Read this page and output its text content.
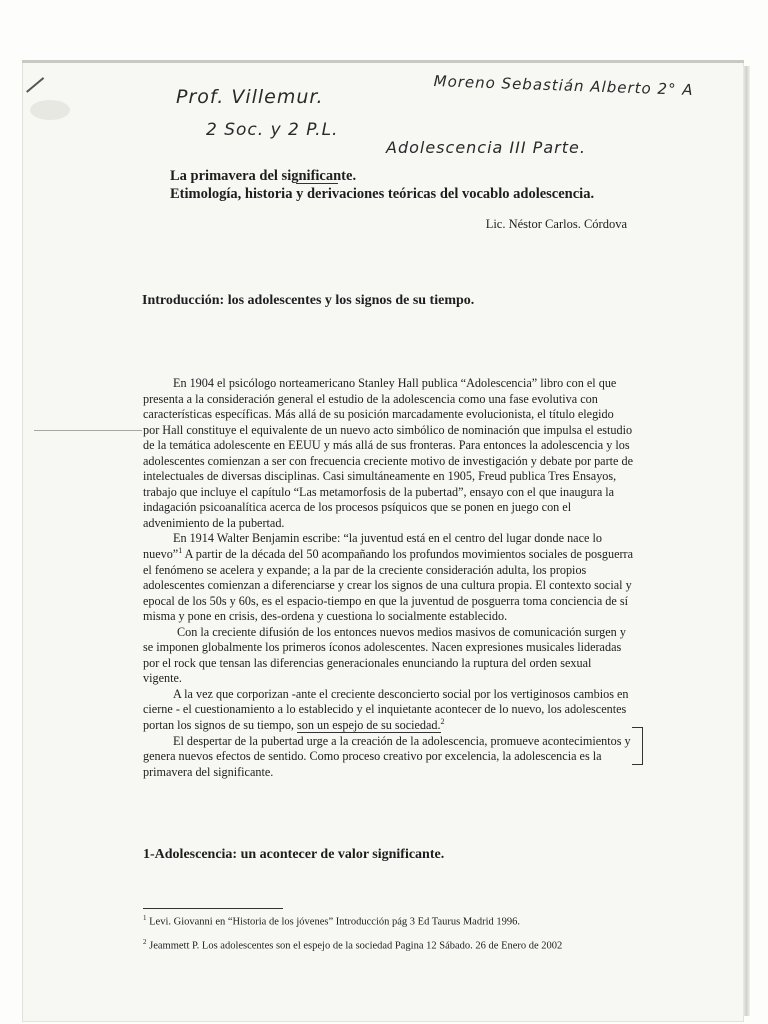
Prof. Villemur.	Moreno Sebastián Alberto 2° A
2 Soc. y 2 P.L.
Adolescencia III Parte.
La primavera del significante.
Etimología, historia y derivaciones teóricas del vocablo adolescencia.
Lic. Néstor Carlos. Córdova
Introducción: los adolescentes y los signos de su tiempo.

En 1904 el psicólogo norteamericano Stanley Hall publica “Adolescencia” libro con el que presenta a la consideración general el estudio de la adolescencia como una fase evolutiva con características específicas. Más allá de su posición marcadamente evolucionista, el título elegido por Hall constituye el equivalente de un nuevo acto simbólico de nominación que impulsa el estudio de la temática adolescente en EEUU y más allá de sus fronteras. Para entonces la adolescencia y los adolescentes comienzan a ser con frecuencia creciente motivo de investigación y debate por parte de intelectuales de diversas disciplinas. Casi simultáneamente en 1905, Freud publica Tres Ensayos, trabajo que incluye el capítulo “Las metamorfosis de la pubertad”, ensayo con el que inaugura la indagación psicoanalítica acerca de los procesos psíquicos que se ponen en juego con el advenimiento de la pubertad.

En 1914 Walter Benjamin escribe: “la juventud está en el centro del lugar donde nace lo nuevo”$^1$ A partir de la década del 50 acompañando los profundos movimientos sociales de posguerra el fenómeno se acelera y expande; a la par de la creciente consideración adulta, los propios adolescentes comienzan a diferenciarse y crear los signos de una cultura propia. El contexto social y epocal de los 50s y 60s, es el espacio-tiempo en que la juventud de posguerra toma conciencia de sí misma y pone en crisis, des-ordena y cuestiona lo socialmente establecido.

Con la creciente difusión de los entonces nuevos medios masivos de comunicación surgen y se imponen globalmente los primeros íconos adolescentes. Nacen expresiones musicales lideradas por el rock que tensan las diferencias generacionales enunciando la ruptura del orden sexual vigente.

A la vez que corporizan -ante el creciente desconcierto social por los vertiginosos cambios en cierne - el cuestionamiento a lo establecido y el inquietante acontecer de lo nuevo, los adolescentes portan los signos de su tiempo, son un espejo de su sociedad.$^2$

El despertar de la pubertad urge a la creación de la adolescencia, promueve acontecimientos y genera nuevos efectos de sentido. Como proceso creativo por excelencia, la adolescencia es la primavera del significante.

1-Adolescencia: un acontecer de valor significante.
$^1$ Levi. Giovanni en “Historia de los jóvenes” Introducción pág 3 Ed Taurus Madrid 1996.
$^2$ Jeammett P. Los adolescentes son el espejo de la sociedad Pagina 12 Sábado. 26 de Enero de 2002
